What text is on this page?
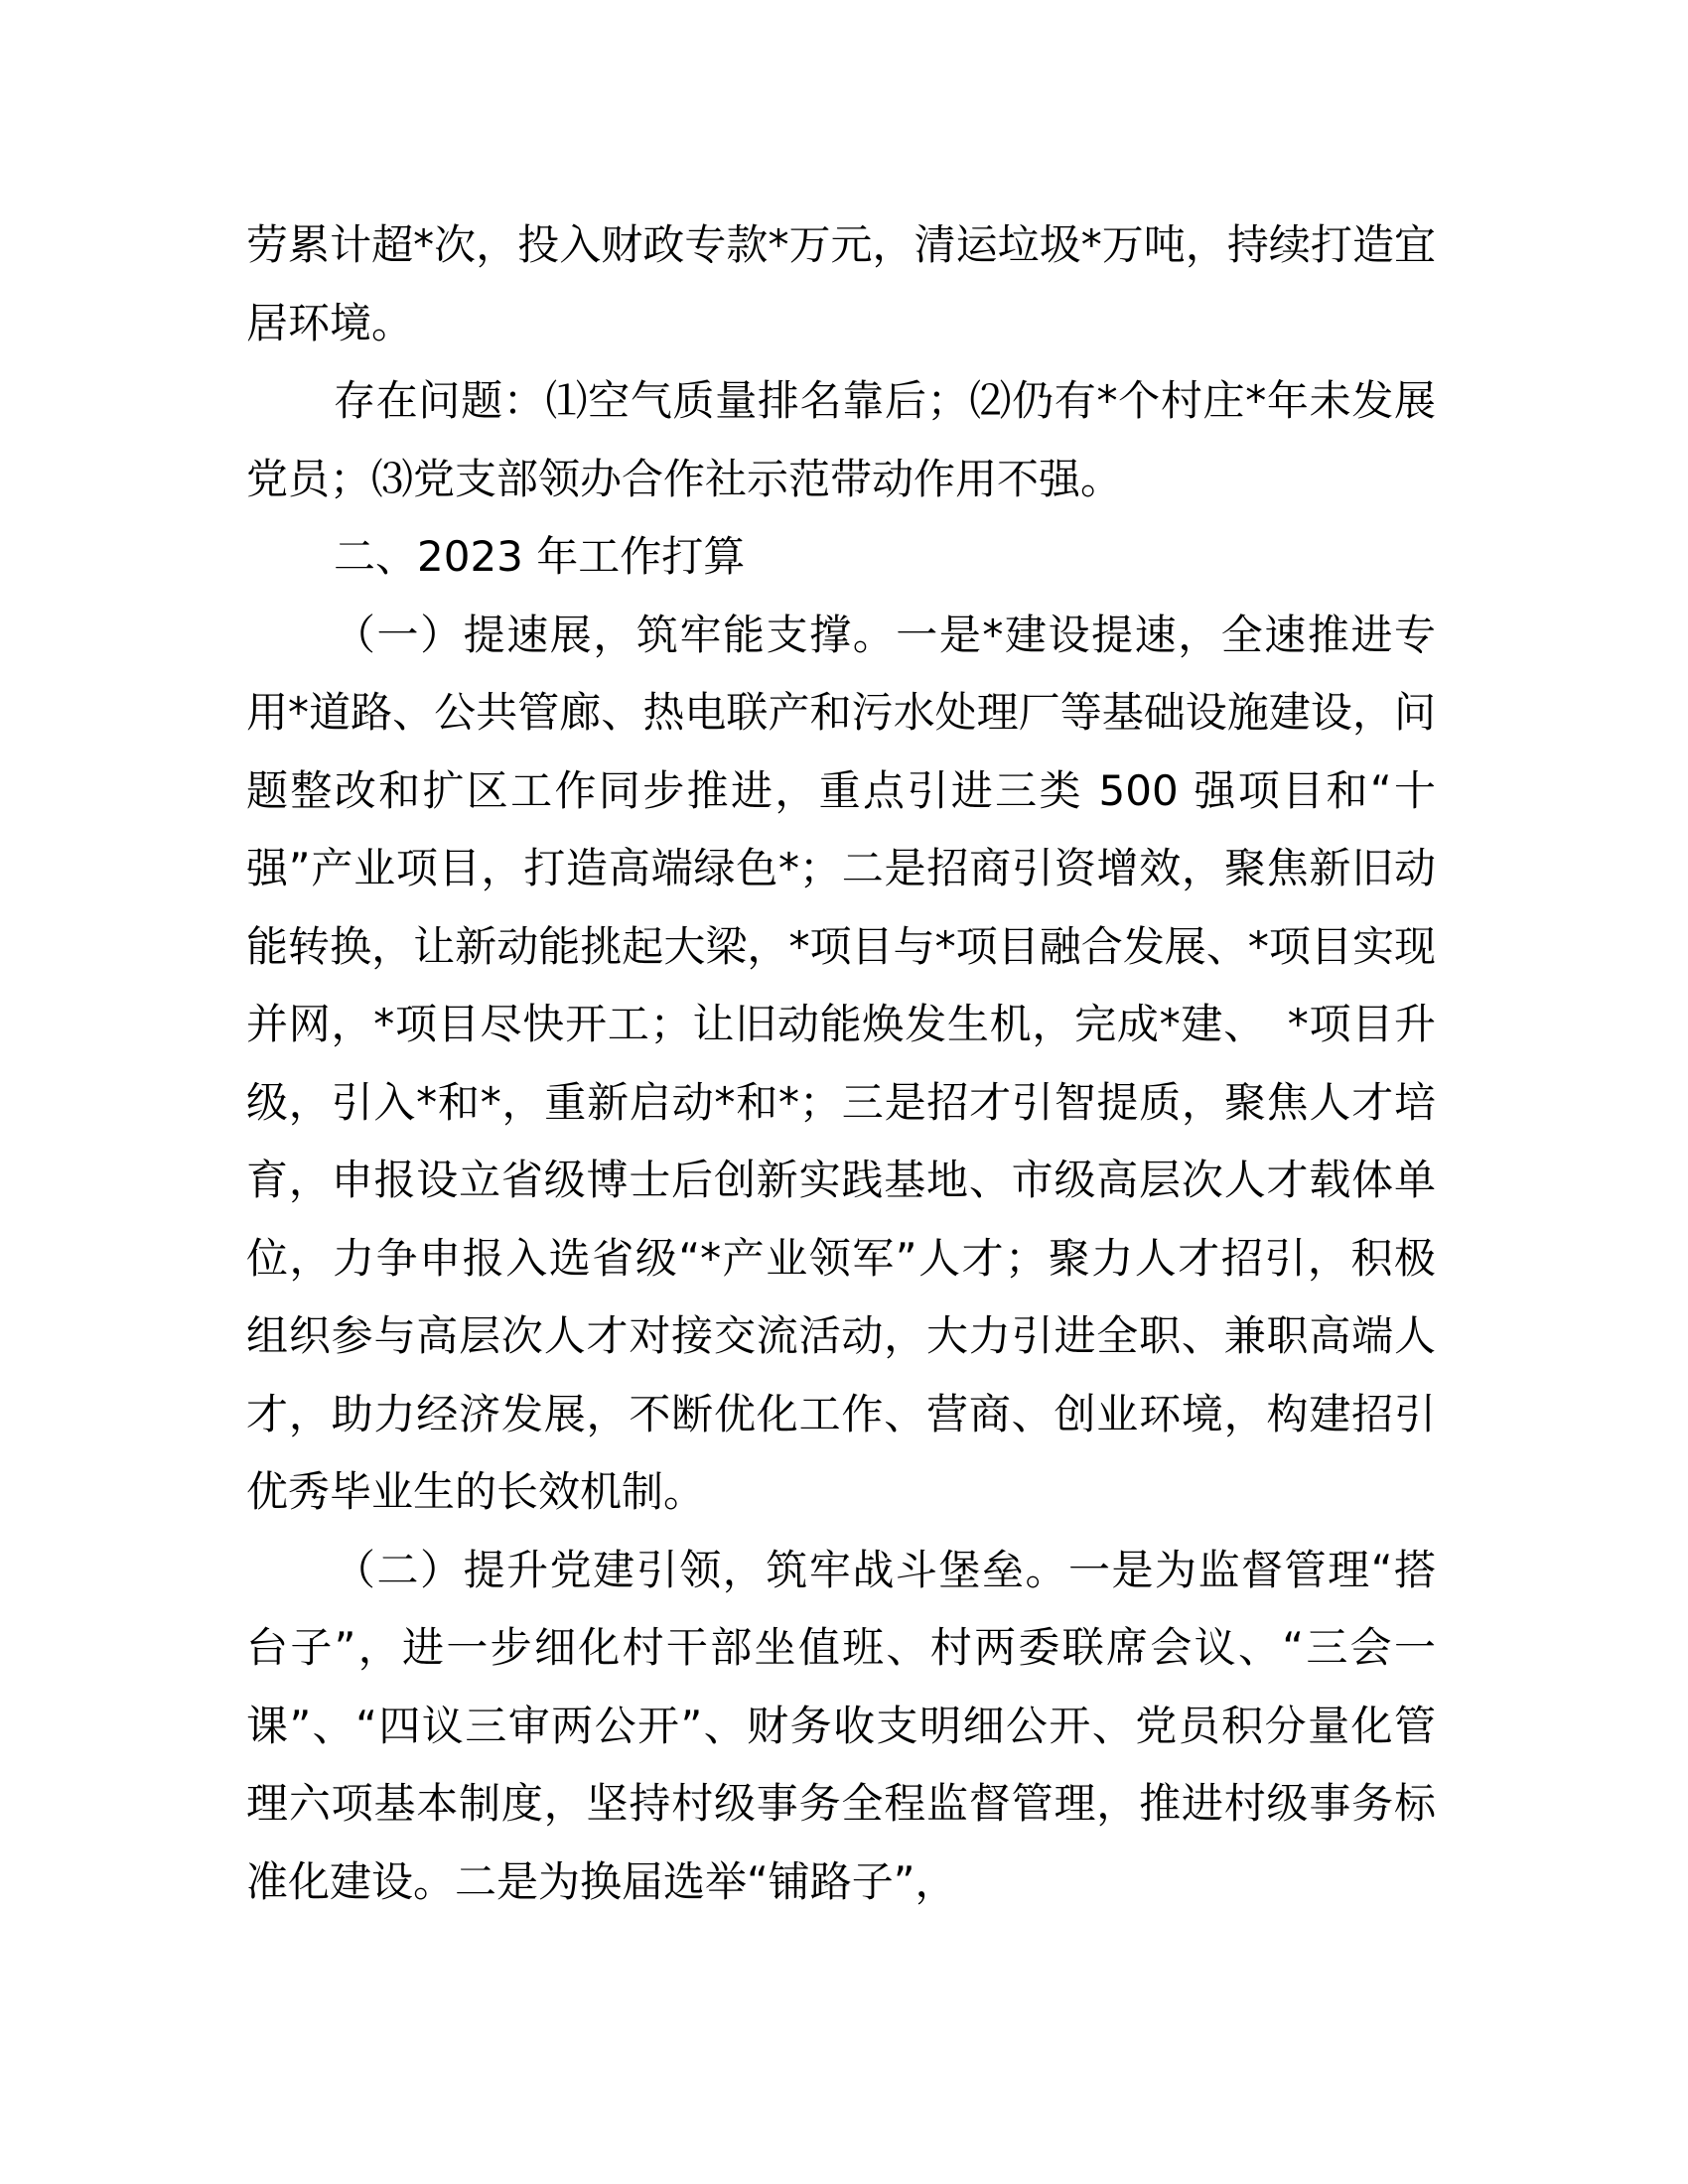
劳累计超*次，投入财政专款*万元，清运垃圾*万吨，持续打造宜居环境。

存在问题：⑴空气质量排名靠后；⑵仍有*个村庄*年未发展党员；⑶党支部领办合作社示范带动作用不强。

二、2023 年工作打算

（一）提速展，筑牢能支撑。一是*建设提速，全速推进专用*道路、公共管廊、热电联产和污水处理厂等基础设施建设，问题整改和扩区工作同步推进，重点引进三类 500 强项目和“十强”产业项目，打造高端绿色*；二是招商引资增效，聚焦新旧动能转换，让新动能挑起大梁，*项目与*项目融合发展、*项目实现并网，*项目尽快开工；让旧动能焕发生机，完成*建、　*项目升级，引入*和*，重新启动*和*；三是招才引智提质，聚焦人才培育，申报设立省级博士后创新实践基地、市级高层次人才载体单位，力争申报入选省级“*产业领军”人才；聚力人才招引，积极组织参与高层次人才对接交流活动，大力引进全职、兼职高端人才，助力经济发展，不断优化工作、营商、创业环境，构建招引优秀毕业生的长效机制。

（二）提升党建引领，筑牢战斗堡垒。一是为监督管理“搭台子”，进一步细化村干部坐值班、村两委联席会议、“三会一课”、“四议三审两公开”、财务收支明细公开、党员积分量化管理六项基本制度，坚持村级事务全程监督管理，推进村级事务标准化建设。二是为换届选举“铺路子”，
